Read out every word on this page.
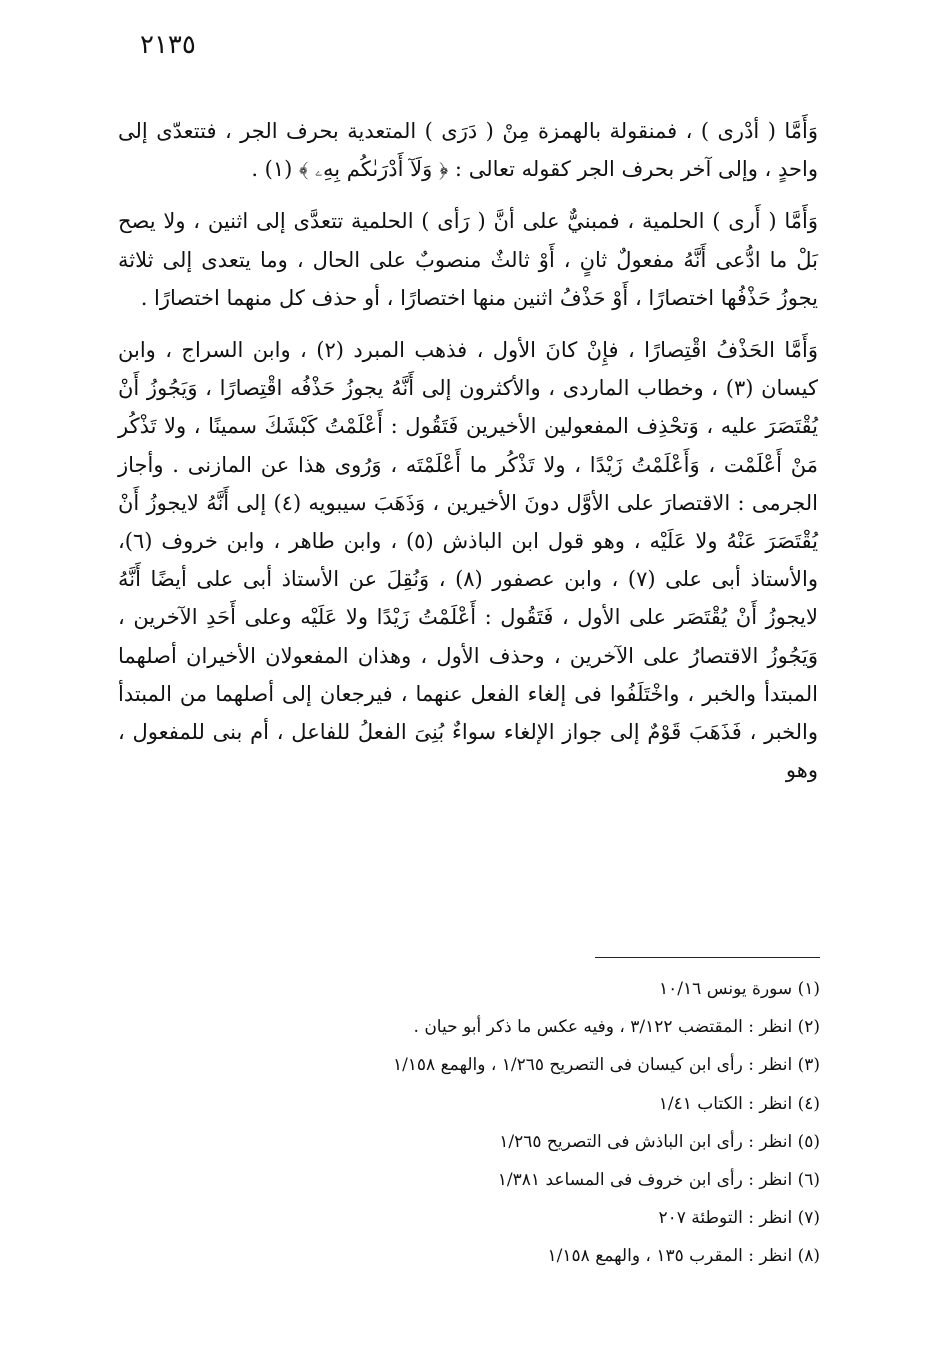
٢١٣٥

وَأَمَّا ( أدْرى ) ، فمنقولة بالهمزة مِنْ ( دَرَى ) المتعدية بحرف الجر ، فتتعدّى إلى واحدٍ ، وإلى آخر بحرف الجر كقوله تعالى : ﴿ وَلَآ أَدْرَىٰكُم بِهِۦ ﴾ (١) .

وَأَمَّا ( أَرى ) الحلمية ، فمبنيٌّ على أنَّ ( رَأى ) الحلمية تتعدَّى إلى اثنين ، ولا يصح بَلْ ما ادُّعى أَنَّهُ مفعولٌ ثانٍ ، أَوْ ثالثٌ منصوبٌ على الحال ، وما يتعدى إلى ثلاثة يجوزُ حَذْفُها اختصارًا ، أَوْ حَذْفُ اثنين منها اختصارًا ، أو حذف كل منهما اختصارًا .

وَأَمَّا الحَذْفُ اقْتِصارًا ، فإِنْ كانَ الأول ، فذهب المبرد (٢) ، وابن السراج ، وابن كيسان (٣) ، وخطاب الماردى ، والأكثرون إلى أَنَّهُ يجوزُ حَذْفُه اقْتِصارًا ، وَيَجُوزُ أَنْ يُقْتَصَرَ عليه ، وَتحْذِف المفعولين الأخيرين فَتَقُول : أَعْلَمْتُ كَبْشَكَ سمينًا ، ولا تَذْكُر مَنْ أَعْلَمْت ، وَأَعْلَمْتُ زَيْدًا ، ولا تَذْكُر ما أَعْلَمْتَه ، وَرُوى هذا عن المازنى . وأجاز الجرمى : الاقتصارَ على الأوَّل دونَ الأخيرين ، وَذَهَبَ سيبويه (٤) إلى أَنَّهُ لايجوزُ أَنْ يُقْتَصَرَ عَنْهُ ولا عَلَيْه ، وهو قول ابن الباذش (٥) ، وابن طاهر ، وابن خروف (٦)، والأستاذ أبى على (٧) ، وابن عصفور (٨) ، وَنُقِلَ عن الأستاذ أبى على أيضًا أَنَّهُ لايجوزُ أَنْ يُقْتَصَر على الأول ، فَتَقُول : أَعْلَمْتُ زَيْدًا ولا عَلَيْه وعلى أَحَدِ الآخرين ، وَيَجُوزُ الاقتصارُ على الآخرين ، وحذف الأول ، وهذان المفعولان الأخيران أصلهما المبتدأ والخبر ، واخْتَلَفُوا فى إلغاء الفعل عنهما ، فيرجعان إلى أصلهما من المبتدأ والخبر ، فَذَهَبَ قَوْمٌ إلى جواز الإلغاء سواءٌ بُنِىَ الفعلُ للفاعل ، أم بنى للمفعول ، وهو

(١) سورة يونس ١٠/١٦
(٢) انظر : المقتضب ٣/١٢٢ ، وفيه عكس ما ذكر أبو حيان .
(٣) انظر : رأى ابن كيسان فى التصريح ١/٢٦٥ ، والهمع ١/١٥٨
(٤) انظر : الكتاب ١/٤١
(٥) انظر : رأى ابن الباذش فى التصريح ١/٢٦٥
(٦) انظر : رأى ابن خروف فى المساعد ١/٣٨١
(٧) انظر : التوطئة ٢٠٧
(٨) انظر : المقرب ١٣٥ ، والهمع ١/١٥٨
